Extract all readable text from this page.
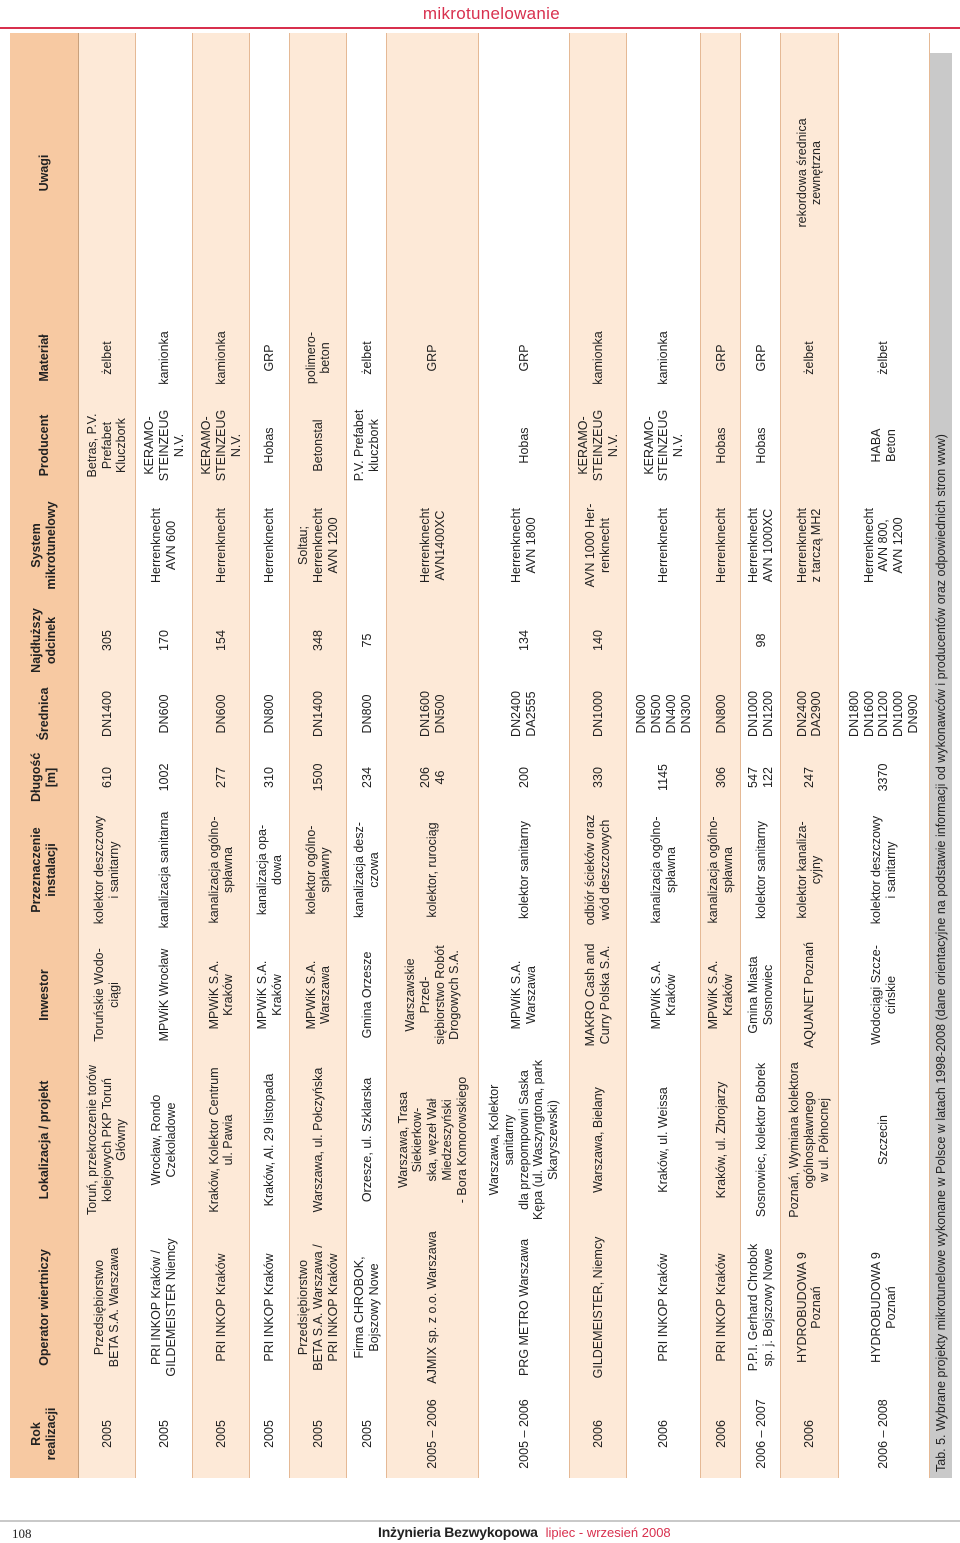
mikrotunelowanie
Rok
realizacji	Operator wiertniczy	Lokalizacja / projekt	Inwestor	Przeznaczenie
instalacji	Długość
[m]	Średnica	Najdłuższy
odcinek	System
mikrotunelowy	Producent	Materiał	Uwagi
2005	Przedsiębiorstwo
BETA S.A. Warszawa	Toruń, przekroczenie torów
kolejowych PKP Toruń Główny	Toruńskie Wodo-
ciągi	kolektor deszczowy
i sanitarny	610	DN1400	305		Betras, P.V.
Prefabet
Kluczbork	żelbet	
2005	PRI INKOP Kraków /
GILDEMEISTER Niemcy	Wrocław, Rondo Czekoladowe	MPWiK Wrocław	kanalizacja sanitarna	1002	DN600	170	Herrenknecht
AVN 600	KERAMO-
STEINZEUG
N.V.	kamionka	
2005	PRI INKOP Kraków	Kraków, Kolektor Centrum
ul. Pawia	MPWiK S.A. Kraków	kanalizacja ogólno-
spławna	277	DN600	154	Herrenknecht	KERAMO-
STEINZEUG
N.V.	kamionka	
2005	PRI INKOP Kraków	Kraków, Al. 29 listopada	MPWiK S.A. Kraków	kanalizacja opa-
dowa	310	DN800		Herrenknecht	Hobas	GRP	
2005	Przedsiębiorstwo
BETA S.A. Warszawa /
PRI INKOP Kraków	Warszawa, ul. Połczyńska	MPWiK S.A.
Warszawa	kolektor ogólno-
spławny	1500	DN1400	348	Soltau;
Herrenknecht
AVN 1200	Betonstal	polimero-
beton	
2005	Firma CHROBOK,
Bojszowy Nowe	Orzesze, ul. Szklarska	Gmina Orzesze	kanalizacja desz-
czowa	234	DN800	75		P.V. Prefabet
kluczbork	żelbet	
2005 – 2006	AJMIX sp. z o.o. Warszawa	Warszawa, Trasa Siekierkow-
ska, węzeł Wał Miedzeszyński
- Bora Komorowskiego	Warszawskie Przed-
siębiorstwo Robót
Drogowych S.A.	kolektor, rurociąg	206
46	DN1600
DN500		Herrenknecht
AVN1400XC		GRP	
2005 – 2006	PRG METRO Warszawa	Warszawa, Kolektor sanitarny
dla przepompowni Saska
Kępa (ul. Waszyngtona, park
Skaryszewski)	MPWiK S.A.
Warszawa	kolektor sanitarny	200	DN2400
DA2555	134	Herrenknecht
AVN 1800	Hobas	GRP	
2006	GILDEMEISTER, Niemcy	Warszawa, Bielany	MAKRO Cash and
Curry Polska S.A.	odbiór ścieków oraz
wód deszczowych	330	DN1000	140	AVN 1000 Her-
renknecht	KERAMO-
STEINZEUG
N.V.	kamionka	
2006	PRI INKOP Kraków	Kraków, ul. Weissa	MPWiK S.A. Kraków	kanalizacja ogólno-
spławna	1145	DN600
DN500
DN400
DN300		Herrenknecht	KERAMO-
STEINZEUG
N.V.	kamionka	
2006	PRI INKOP Kraków	Kraków, ul. Zbrojarzy	MPWiK S.A. Kraków	kanalizacja ogólno-
spławna	306	DN800		Herrenknecht	Hobas	GRP	
2006 – 2007	P.P.I. Gerhard Chrobok
sp. j. Bojszowy Nowe	Sosnowiec, kolektor Bobrek	Gmina Miasta
Sosnowiec	kolektor sanitarny	547
122	DN1000
DN1200	98	Herrenknecht
AVN 1000XC	Hobas	GRP	
2006	HYDROBUDOWA 9
Poznań	Poznań, Wymiana kolektora
ogólnospławnego
w ul. Północnej	AQUANET Poznań	kolektor kanaliza-
cyjny	247	DN2400
DA2900		Herrenknecht
z tarczą MH2		żelbet	rekordowa średnica
zewnętrzna
2006 – 2008	HYDROBUDOWA 9
Poznań	Szczecin	Wodociągi Szcze-
cińskie	kolektor deszczowy
i sanitarny	3370	DN1800
DN1600
DN1200
DN1000
DN900		Herrenknecht
AVN 800,
AVN 1200	HABA
Beton	żelbet	
Tab. 5. Wybrane projekty mikrotunelowe wykonane w Polsce w latach 1998-2008 (dane orientacyjne na podstawie informacji od wykonawców i producentów oraz odpowiednich stron www)
108	Inżynieria Bezwykopowa lipiec - wrzesień 2008
